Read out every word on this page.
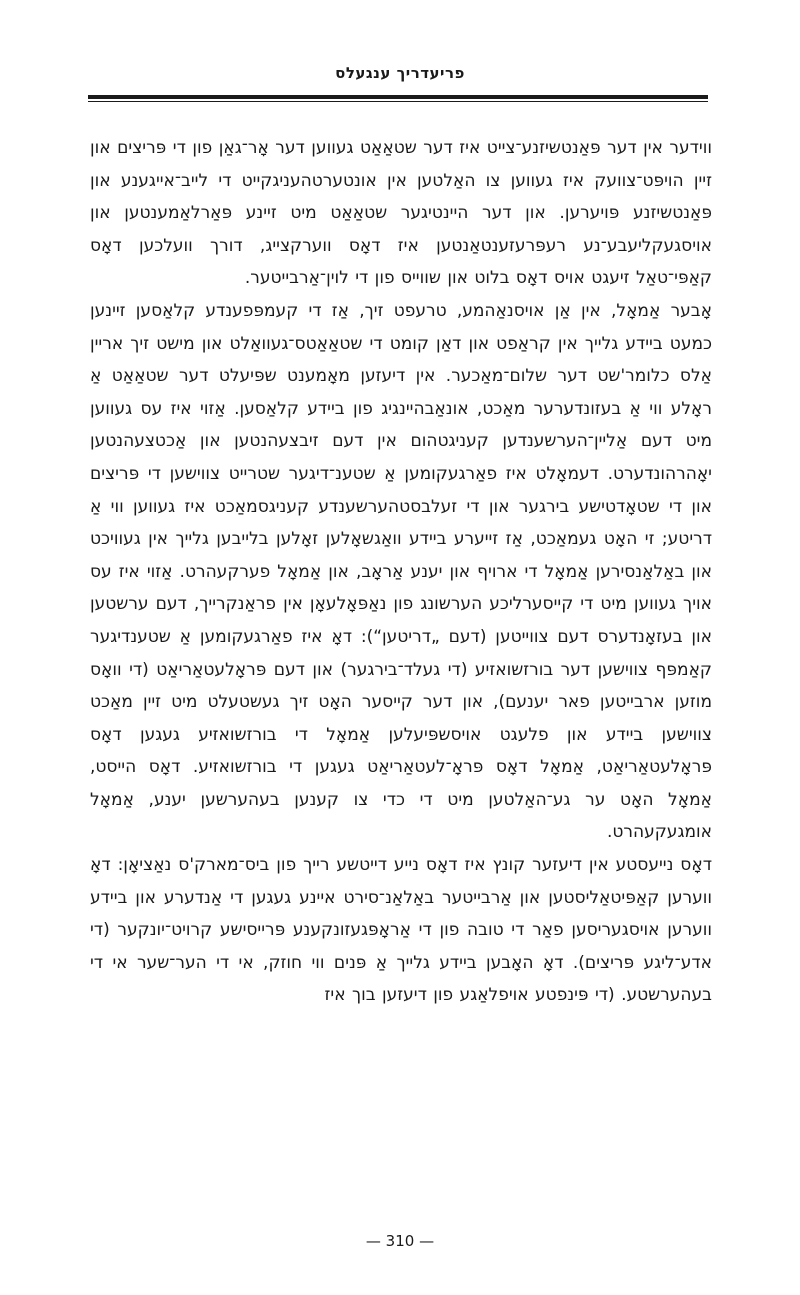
פריעדריך ענגעלס

ווידער אין דער פּאַנטשיזנע־צייט איז דער שטאַאַט געווען דער אָר־גאַן פון די פּריצים און זיין הויפּט־צוועק איז געווען צו האַלטען אין אונטערטהעניגקייט די לייב־אייגענע און פּאַנטשיזנע פּויערען. און דער היינטיגער שטאַאַט מיט זיינע פּאַרלאַמענטען און אויסגעקליעבע־נע רעפּרעזענטאַנטען איז דאָס ווערקצייג, דורך וועלכען דאָס קאַפּי־טאַל זיעגט אויס דאָס בלוט און שווייס פון די לוין־אַרבייטער.

אָבער אַמאָל, אין אַן אויסנאַהמע, טרעפט זיך, אַז די קעמפּפענדע קלאַסען זיינען כמעט ביידע גלייך אין קראַפט און דאַן קומט די שטאַאַטס־געוואַלט און מישט זיך אריין אַלס כלומר'שט דער שלום־מאַכער. אין דיעזען מאָמענט שפּיעלט דער שטאַאַט אַ ראָלע ווי אַ בעזונדערער מאַכט, אונאַבהיינגיג פון ביידע קלאַסען. אַזוי איז עס געווען מיט דעם אַליין־הערשענדען קעניגטהום אין דעם זיבצעהנטען און אַכטצעהנטען יאָהרהונדערט. דעמאָלט איז פאַרגעקומען אַ שטענ־דיגער שטרייט צווישען די פּריצים און די שטאָדטישע בירגער און די זעלבסטהערשענדע קעניגסמאַכט איז געווען ווי אַ דריטע; זי האָט געמאַכט, אַז זייערע ביידע וואַגשאָלען זאָלען בלייבען גלייך אין געוויכט און באַלאַנסירען אַמאָל די ארויף און יענע אַראָב, און אַמאָל פערקעהרט. אַזוי איז עס אויך געווען מיט די קייסערליכע הערשונג פון נאַפּאָלעאָן אין פראַנקרייך, דעם ערשטען און בעזאָנדערס דעם צווייטען (דעם „דריטען“): דאָ איז פאַרגעקומען אַ שטענדיגער קאַמפּף צווישען דער בורזשואזיע (די געלד־בירגער) און דעם פּראָלעטאַריאַט (די וואָס מוזען ארבייטען פאר יענעם), און דער קייסער האָט זיך געשטעלט מיט זיין מאַכט צווישען ביידע און פלעגט אויסשפּיעלען אַמאָל די בורזשואזיע געגען דאָס פּראָלעטאַריאַט, אַמאָל דאָס פּראָ־לעטאַריאַט געגען די בורזשואזיע. דאָס הייסט, אַמאָל האָט ער גע־האַלטען מיט די כדי צו קענען בעהערשען יענע, אַמאָל אומגעקעהרט.

דאָס נייעסטע אין דיעזער קונץ איז דאָס נייע דייטשע רייך פון ביס־מארק'ס נאַציאָן: דאָ ווערען קאַפּיטאַליסטען און אַרבייטער באַלאַנ־סירט איינע געגען די אַנדערע און ביידע ווערען אויסגעריסען פאַר די טובה פון די אַראָפּגעזונקענע פּרייסישע קרויט־יונקער (די אדע־ליגע פּריצים). דאָ האָבען ביידע גלייך אַ פּנים ווי חוזק, אי די הער־שער אי די בעהערשטע. (די פּינפטע אויפלאַגע פון דיעזען בוך איז

— 310 —
